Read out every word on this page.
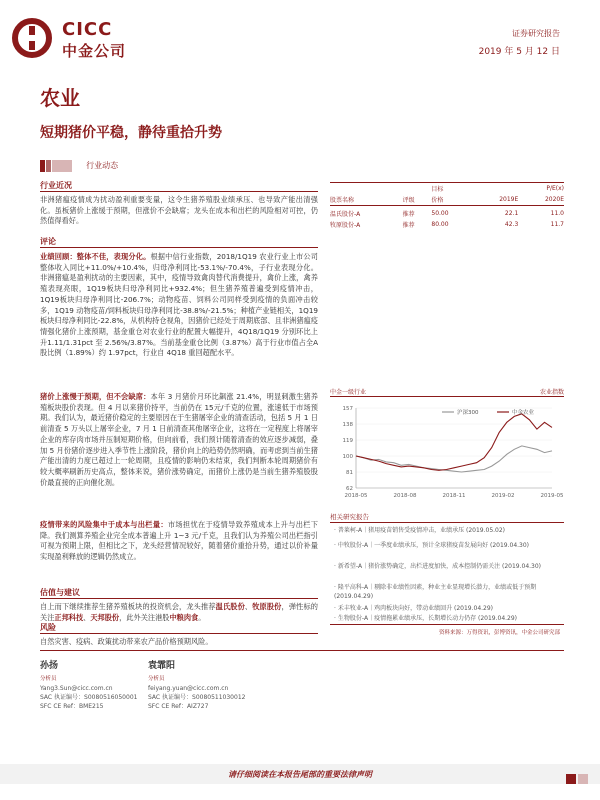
CICC
中金公司
证券研究报告
2019 年 5 月 12 日
农业
短期猪价平稳，静待重拾升势
行业动态
行业近况
非洲猪瘟疫情成为扰动盈利重要变量，这令生猪养殖股业绩承压、也导致产能出清强化。虽板猪价上涨缓于预期，但涨价不会缺席；龙头在成本和出栏的风险相对可控，仍然值得看好。
评论
业绩回顾：整体不佳，表现分化。根据中信行业指数，2018/1Q19 农业行业上市公司整体收入同比+11.0%/+10.4%，归母净利同比-53.1%/-70.4%，子行业表现分化。非洲猪瘟是盈利扰动的主要因素，其中，疫情导致禽肉替代消费提升，禽价上涨，禽养殖表现亮眼，1Q19板块归母净利同比+932.4%；但生猪养殖普遍受到疫情冲击，1Q19板块归母净利同比-206.7%；动物疫苗、饲料公司同样受到疫情的负面冲击较多，1Q19 动物疫苗/饲料板块归母净利同比-38.8%/-21.5%；种植产业链相关，1Q19 板块归母净利同比-22.8%，从机构持仓视角，因猪价已经处于周期底部、且非洲猪瘟疫情强化猪价上涨预期，基金重仓对农业行业的配置大幅提升，4Q18/1Q19 分别环比上升1.11/1.31pct 至 2.56%/3.87%。当前基金重仓比例（3.87%）高于行业市值占全A股比例（1.89%）约 1.97pct，行业自 4Q18 重回超配水平。
猪价上涨慢于预期，但不会缺席：本年 3 月猪价月环比飙涨 21.4%，明显刺激生猪养殖板块股价表现。但 4 月以来猪价持平，当前仍在 15元/千克的位置，涨速低于市场预期。我们认为，最近猪价稳定的主要原因在于生猪屠宰企业的清查活动，包括 5 月 1 日前清查 5 万头以上屠宰企业，7 月 1 日前清查其他屠宰企业，这将在一定程度上将屠宰企业的库存肉市场并压制短期价格，但向前看，我们预计随着清查的效应逐步减弱，叠加 5 月份猪价逐步进入季节性上涨阶段，猪价向上的趋势仍然明确，而考虑到当前生猪产能出清的力度已超过上一轮周期，且疫情的影响仍未结束，我们判断本轮周期猪价有较大概率刷新历史高点，整体来说，猪价涨势确定，而猪价上涨仍是当前生猪养殖股股价最直接的正向催化剂。
疫情带来的风险集中于成本与出栏量：市场担忧在于疫情导致养殖成本上升与出栏下降。我们测算养殖企业完全成本普遍上升 1~3 元/千克，且我们认为养殖公司出栏指引可视为预期上限，但相比之下，龙头经营情况较好，随着猪价重拾升势，通过以价补量实现盈利释放的逻辑仍然成立。
估值与建议
自上而下继续推荐生猪养殖板块的投资机会，龙头推荐温氏股份、牧原股份，弹性标的关注正邦科技、天邦股份，此外关注港股中粮肉食。
风险
自然灾害、疫病、政策扰动带来农产品价格预期风险。
		目标		P/E(x)	
股票名称	评级	价格		2019E	2020E

温氏股份-A	推荐	50.00		22.1	11.0
牧原股份-A	推荐	80.00		42.3	11.7
中金一级行业	农业指数
157
138
119
100
81
62
2018-05	2018-08	2018-11	2019-02	2019-05
沪深300	中金农业
相关研究报告
· 普莱柯-A｜猪用疫苗销售受疫情冲击，业绩承压 (2019.05.02)
· 中牧股份-A｜一季度业绩承压，预计全球猪疫苗发展向好 (2019.04.30)
· 新希望-A｜猪价涨势确定，出栏进度加快，成本控制仍需关注 (2019.04.30)
· 隆平高科-A｜剔除非业绩性因素，种业主业显现增长潜力，业绩或低于预期 (2019.04.29)
· 禾丰牧业-A｜鸡肉板块向好，带动业绩回升 (2019.04.29)
· 生物股份-A｜疫情拖累业绩承压，长期增长动力仍存 (2019.04.29)
资料来源：万得资讯，彭博资讯，中金公司研究部
孙扬
分析员
Yang3.Sun@cicc.com.cn
SAC 执证编号：S0080516050001
SFC CE Ref：BME215
袁霏阳
分析员
feiyang.yuan@cicc.com.cn
SAC 执证编号：S0080511030012
SFC CE Ref：AIZ727
请仔细阅读在本报告尾部的重要法律声明
